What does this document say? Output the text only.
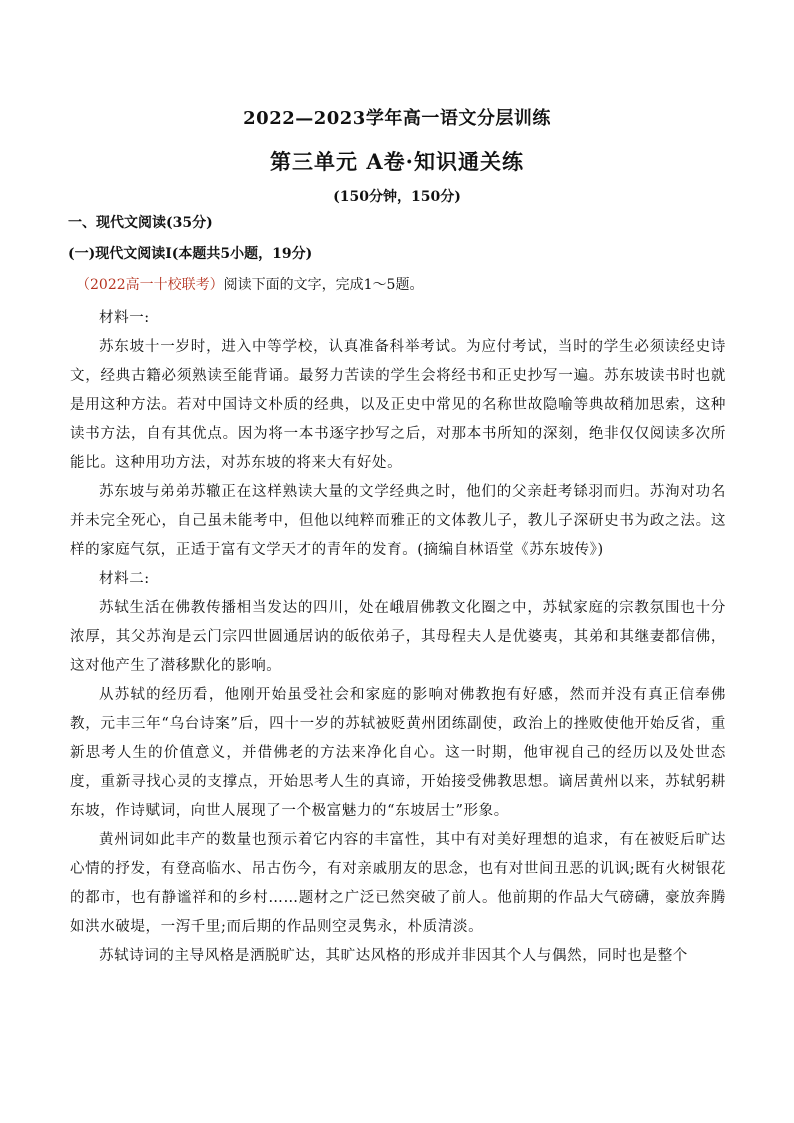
2022—2023学年高一语文分层训练
第三单元 A卷·知识通关练
(150分钟，150分)
一、现代文阅读(35分)
(一)现代文阅读Ⅰ(本题共5小题，19分)
（2022高一十校联考）阅读下面的文字，完成1～5题。

材料一:

苏东坡十一岁时，进入中等学校，认真准备科举考试。为应付考试，当时的学生必须读经史诗文，经典古籍必须熟读至能背诵。最努力苦读的学生会将经书和正史抄写一遍。苏东坡读书时也就是用这种方法。若对中国诗文朴质的经典，以及正史中常见的名称世故隐喻等典故稍加思索，这种读书方法，自有其优点。因为将一本书逐字抄写之后，对那本书所知的深刻，绝非仅仅阅读多次所能比。这种用功方法，对苏东坡的将来大有好处。

苏东坡与弟弟苏辙正在这样熟读大量的文学经典之时，他们的父亲赶考铩羽而归。苏洵对功名并未完全死心，自己虽未能考中，但他以纯粹而雅正的文体教儿子，教儿子深研史书为政之法。这样的家庭气氛，正适于富有文学天才的青年的发育。(摘编自林语堂《苏东坡传》)

材料二:

苏轼生活在佛教传播相当发达的四川，处在峨眉佛教文化圈之中，苏轼家庭的宗教氛围也十分浓厚，其父苏洵是云门宗四世圆通居讷的皈依弟子，其母程夫人是优婆夷，其弟和其继妻都信佛，这对他产生了潜移默化的影响。

从苏轼的经历看，他刚开始虽受社会和家庭的影响对佛教抱有好感，然而并没有真正信奉佛教，元丰三年“乌台诗案”后，四十一岁的苏轼被贬黄州团练副使，政治上的挫败使他开始反省，重新思考人生的价值意义，并借佛老的方法来净化自心。这一时期，他审视自己的经历以及处世态度，重新寻找心灵的支撑点，开始思考人生的真谛，开始接受佛教思想。谪居黄州以来，苏轼躬耕东坡，作诗赋词，向世人展现了一个极富魅力的“东坡居士”形象。

黄州词如此丰产的数量也预示着它内容的丰富性，其中有对美好理想的追求，有在被贬后旷达心情的抒发，有登高临水、吊古伤今，有对亲戚朋友的思念，也有对世间丑恶的讥讽;既有火树银花的都市，也有静谧祥和的乡村……题材之广泛已然突破了前人。他前期的作品大气磅礴，豪放奔腾如洪水破堤，一泻千里;而后期的作品则空灵隽永，朴质清淡。

苏轼诗词的主导风格是洒脱旷达，其旷达风格的形成并非因其个人与偶然，同时也是整个
